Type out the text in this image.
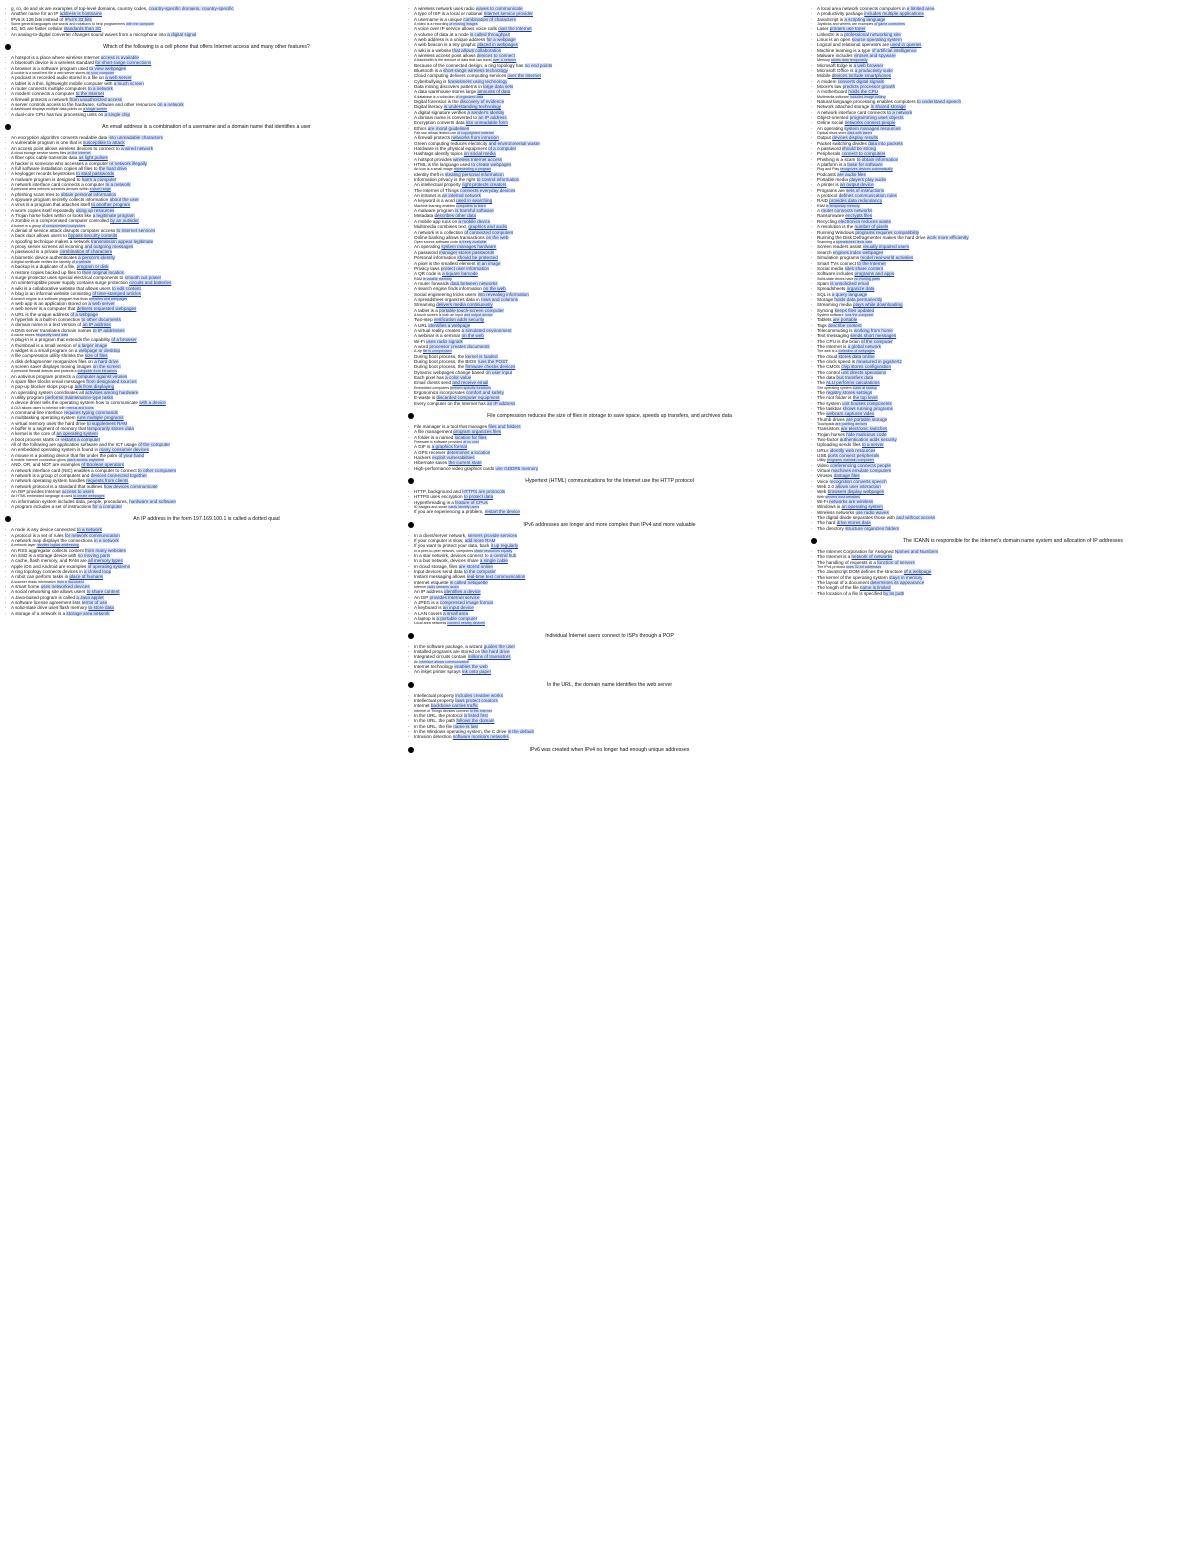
. g, co, de and uk are examples of top-level domains, country codes, country-specific domains, country-specific
. Another name for an IP address is hostname
. IPv6 is 128 bits instead of IPv4's 32 bits
. Some general languages use words and notations to help programmers with the computer
. 4G, 5G are faster cellular standards than 3G
. An analog-to-digital converter changes sound waves from a microphone into a digital signal
Which of the following is a cell phone that offers Internet access and many other features?
. A hotspot is a place where wireless Internet access is available
. A bluetooth device is a wireless standard for short-range connections
. A browser is a software program used to view webpages
. A cookie is a small text file a web server stores on your computer
. A podcast is recorded audio stored in a file on a web server
. A tablet is a thin, lightweight mobile computer with a touch screen
. A router connects multiple computers to a network
. A modem connects a computer to the Internet
. A firewall protects a network from unauthorized access
. A server controls access to the hardware, software and other resources on a network
. A dashboard displays multiple data points on a single screen
. A dual-core CPU has two processing units on a single chip
An email address is a combination of a username and a domain name that identifies a user
. An encryption algorithm converts readable data into unreadable characters
. A vulnerable program is one that is susceptible to attack
. An access point allows wireless devices to connect to a wired network
. A cloud storage service stores files on the Internet
. A fiber optic cable transmits data as light pulses
. A hacker is someone who accesses a computer or network illegally
. A full software installation copies all files to the hard drive
. A keylogger records keystrokes to steal passwords
. A malware program is designed to harm a computer
. A network interface card connects a computer to a network
. A personal area network connects devices within a short range
. A phishing scam tries to obtain personal information
. A spyware program secretly collects information about the user
. A virus is a program that attaches itself to another program
. A worm copies itself repeatedly using up resources
. A Trojan horse hides within or looks like a legitimate program
. A zombie is a compromised computer controlled by an outsider
. A botnet is a group of compromised computers
. A denial of service attack disrupts computer access to Internet services
. A back door allows users to bypass security controls
. A spoofing technique makes a network transmission appear legitimate
. A proxy server screens all incoming and outgoing messages
. A password is a private combination of characters
. A biometric device authenticates a person's identity
. A digital certificate verifies the identity of a website
. A backup is a duplicate of a file, program or disk
. A restore copies backed up files to their original location
. A surge protector uses special electrical components to smooth out power
. An uninterruptible power supply contains surge protection circuits and batteries
. A wiki is a collaborative website that allows users to edit content
. A blog is an informal website consisting of time-stamped articles
. A search engine is a software program that finds websites and webpages
. A web app is an application stored on a web server
. A web server is a computer that delivers requested webpages
. A URL is the unique address of a webpage
. A hyperlink is a built-in connection to other documents
. A domain name is a text version of an IP address
. A DNS server translates domain names to IP addresses
. A cache stores frequently used data
. A plug-in is a program that extends the capability of a browser
. A thumbnail is a small version of a larger image
. A widget is a small program on a webpage or desktop
. A file compression utility shrinks the size of files
. A disk defragmenter reorganizes files on a hard drive
. A screen saver displays moving images on the screen
. A personal firewall detects and protects a computer from intrusions
. An antivirus program protects a computer against viruses
. A spam filter blocks email messages from designated sources
. A pop-up blocker stops pop-up ads from displaying
. An operating system coordinates all activities among hardware
. A utility program performs maintenance-type tasks
. A device driver tells the operating system how to communicate with a device
. A GUI allows users to interact with menus and icons
. A command-line interface requires typing commands
. A multitasking operating system runs multiple programs
. A virtual memory uses the hard drive to supplement RAM
. A buffer is a segment of memory that temporarily stores data
. A kernel is the core of an operating system
. A boot process starts or restarts a computer
. All of the following are application software and the ICT usage of the computer
. An embedded operating system is found in many consumer devices
. A mouse is a pointing device that fits under the palm of your hand
. A mobile Internet connection gives users access anywhere
. AND, OR, and NOT are examples of Boolean operators
. A network interface card (NIC) enables a computer to connect to other computers
. A network is a group of computers and devices connected together
. A network operating system handles requests from clients
. A network protocol is a standard that outlines how devices communicate
. An ISP provides Internet access to users
. An HTML embedded language is used to create webpages
. An information system includes data, people, procedures, hardware and software
. A program includes a set of instructions for a computer
An IP address in the form 197.169.100.1 is called a dotted quad
. A node is any device connected to a network
. A protocol is a set of rules for network communication
. A network map displays the connections in a network
. A network layer handles logical addressing
. An RSS aggregator collects content from many websites
. An SSD is a storage device with no moving parts
. A cache, flash memory, and RAM are all memory types
. Apple iOS and Android are examples of operating systems
. A ring topology connects devices in a closed loop
. A robot can perform tasks in place of humans
. A scanner reads information from a document
. A smart home uses networked devices
. A social networking site allows users to share content
. A Java-based program is called a Java applet
. A software license agreement lists terms of use
. A solid-state drive uses flash memory to store data
. A storage of a network is a storage area network
. A wireless network uses radio waves to communicate
. A type of ISP is a local or national Internet service provider
. A username is a unique combination of characters
. A video is a recording of moving images
. A voice over IP service allows voice calls over the Internet
. A volume of data at a node is called throughput
. A web address is a unique address for a webpage
. A web beacon is a tiny graphic placed in webpages
. A wiki is a website that allows collaboration
. A wireless access point allows devices to connect
. A bandwidth is the amount of data that can travel over a network
. Because of the connected design, a ring topology has no end points
. Bluetooth is a short-range wireless technology
. Cloud computing delivers computing services over the Internet
. Cyberbullying is harassment using technology
. Data mining discovers patterns in large data sets
. A data warehouse stores large amounts of data
. A database is a collection of organized data
. Digital forensics is the discovery of evidence
. Digital literacy is understanding technology
. A digital signature verifies a sender's identity
. A domain name is converted to an IP address
. Encryption converts data into unreadable form
. Ethics are moral guidelines
. Fair use allows limited use of copyrighted material
. A firewall protects networks from intrusion
. Green computing reduces electricity and environmental waste
. Hardware is the physical equipment of a computer
. Hashtags identify topics on social media
. A hotspot provides wireless Internet access
. HTML is the language used to create webpages
. An icon is a small image representing a program
. Identity theft is stealing personal information
. Information privacy is the right to control information
. An intellectual property right protects creators
. The Internet of Things connects everyday devices
. An intranet is an internal network
. A keyword is a word used in searching
. Machine learning enables computers to learn
. A malware program is harmful software
. Metadata describes other data
. A mobile app runs on a mobile device
. Multimedia combines text, graphics and audio
. A network is a collection of connected computers
. Online banking allows transactions on the web
. Open source software code is freely available
. An operating system manages hardware
. A password manager stores passwords
. Personal information should be protected
. A pixel is the smallest element in an image
. Privacy laws protect user information
. A QR code is a square barcode
. RAM is volatile memory
. A router forwards data between networks
. A search engine finds information on the web
. Social engineering tricks users into revealing information
. A spreadsheet organizes data in rows and columns
. Streaming delivers media continuously
. A tablet is a portable touch-screen computer
. A touch screen is both an input and output device
. Two-step verification adds security
. A URL identifies a webpage
. A virtual reality creates a simulated environment
. A webinar is a seminar on the web
. Wi-Fi uses radio signals
. A word processor creates documents
. A zip file is compressed
. During boot process, the kernel is loaded
. During boot process, the BIOS runs the POST
. During boot process, the firmware checks devices
. Dynamic webpages change based on user input
. Each pixel has a color value
. Email clients send and receive email
. Embedded computers perform specific functions
. Ergonomics incorporates comfort and safety
. E-waste is discarded computer equipment
. Every computer on the Internet has an IP address
File compression reduces the size of files in storage to save space, speeds up transfers, and archives data
. File manager is a tool that manages files and folders
. A file management program organizes files
. A folder is a named location for files
. Freeware is software provided at no cost
. A GIF is a graphics format
. A GPS receiver determines a location
. Hackers exploit vulnerabilities
. Hibernate saves the current state
. High-performance video graphics cards use GDDR5 memory
Hypertext (HTML) communications for the Internet use the HTTP protocol
. HTTP, background and HTTPS are protocols
. HTTPS uses encryption to protect data
. Hyperthreading is a feature of CPUs
. ID badges and smart cards identify users
. If you are experiencing a problem, restart the device
IPv6 addresses are longer and more complex than IPv4 and more valuable
. In a client/server network, servers provide services
. If your computer is slow, add more RAM
. If you want to protect your data, back it up regularly
. In a peer-to-peer network, computers share resources equally
. In a star network, devices connect to a central hub
. In a bus network, devices share a single cable
. In cloud storage, files are stored online
. Input devices send data to the computer
. Instant messaging allows real-time text communication
. Internet etiquette is called netiquette
. Internet radio streams audio
. An IP address identifies a device
. An ISP provides Internet service
. A JPEG is a compressed image format
. A keyboard is an input device
. A LAN covers a small area
. A laptop is a portable computer
. Local area networks connect nearby devices
Individual Internet users connect to ISPs through a POP
. In the software package, a wizard guides the user
. Installed programs are stored on the hard drive
. Integrated circuits contain millions of transistors
. An interface allows communication
. Internet technology enables the web
. An inkjet printer sprays ink onto paper
In the URL, the domain name identifies the web server
. Intellectual property includes creative works
. Intellectual property laws protect creators
. Internet backbone carries traffic
. Internet of Things devices connect to the Internet
. In the URL, the protocol is listed first
. In the URL, the path follows the domain
. In the URL, the file name is last
. In the Windows operating system, the C drive is the default
. Intrusion detection software monitors networks
IPv6 was created when IPv4 no longer had enough unique addresses
. A local area network connects computers in a limited area
. A productivity package includes multiple applications
. JavaScript is a scripting language
. Joysticks and wheels are examples of game controllers
. Laser printers use toner
. LinkedIn is a professional networking site
. Linux is an open source operating system
. Logical and relational operators are used in queries
. Machine learning is a type of artificial intelligence
. Malware includes viruses and spyware
. Memory stores data temporarily
. Microsoft Edge is a web browser
. Microsoft Office is a productivity suite
. Mobile devices include smartphones
. A modem converts digital signals
. Moore's law predicts processor growth
. A motherboard holds the CPU
. Multimedia software includes image editing
. Natural language processing enables computers to understand speech
. Network attached storage is shared storage
. A network interface card connects to a network
. Object-oriented programming uses objects
. Online social networks connect people
. An operating system manages resources
. Optical discs store data with lasers
. Output devices display results
. Packet switching divides data into packets
. A password should be strong
. Peripherals connect to computers
. Phishing is a scam to obtain information
. A platform is a base for software
. Plug and Play recognizes devices automatically
. Podcasts are audio files
. Portable media players play audio
. A printer is an output device
. Programs are sets of instructions
. A protocol defines communication rules
. RAID provides data redundancy
. RAM is temporary memory
. A router connects networks
. Ransomware encrypts files
. Recycling electronics reduces waste
. A resolution is the number of pixels
. Running Windows programs requires compatibility
. Running the Disk Defragmenter makes the hard drive work more efficiently
. Scanning a spreadsheet finds data
. Screen readers assist visually impaired users
. Search engines index webpages
. Simulation programs model real-world activities
. Smart TVs connect to the Internet
. Social media sites share content
. Software includes programs and apps
. Solid-state drives have no moving parts
. Spam is unsolicited email
. Spreadsheets organize data
. SQL is a query language
. Storage holds data permanently
. Streaming media plays while downloading
. Syncing keeps files updated
. System software runs the computer
. Tablets are portable
. Tags describe content
. Telecommuting is working from home
. Text messaging sends short messages
. The CPU is the brain of the computer
. The Internet is a global network
. The web is a collection of webpages
. The cloud stores data online
. The clock speed is measured in gigahertz
. The CMOS chip stores configuration
. The control unit directs operations
. The data bus transfers data
. The ALU performs calculations
. The operating system loads at startup
. The registry stores settings
. The root folder is the top level
. The system unit houses components
. The taskbar shows running programs
. The webcam captures video
. Thumb drives are portable storage
. Touchpads are pointing devices
. Transistors are electronic switches
. Trojan horses hide malicious code
. Two-factor authentication adds security
. Uploading sends files to a server
. URLs identify web resources
. USB ports connect peripherals
. Utility programs maintain computers
. Video conferencing connects people
. Virtual machines emulate computers
. Viruses damage files
. Voice recognition converts speech
. Web 2.0 allows user interaction
. Web browsers display webpages
. Web servers host websites
. Wi-Fi networks are wireless
. Windows is an operating system
. Wireless networks use radio waves
. The digital divide separates those with and without access
. The hard drive stores data
. The directory structure organizes folders
The ICANN is responsible for the Internet's domain name system and allocation of IP addresses
. The Internet Corporation for Assigned Names and Numbers
. The Internet is a network of networks
. The handling of requests is a function of servers
. The IPv4 protocol uses 32-bit addresses
. The JavaScript DOM defines the structure of a webpage
. The kernel of the operating system stays in memory
. The layout of a document determines its appearance
. The length of the file name is limited
. The location of a file is specified by its path
